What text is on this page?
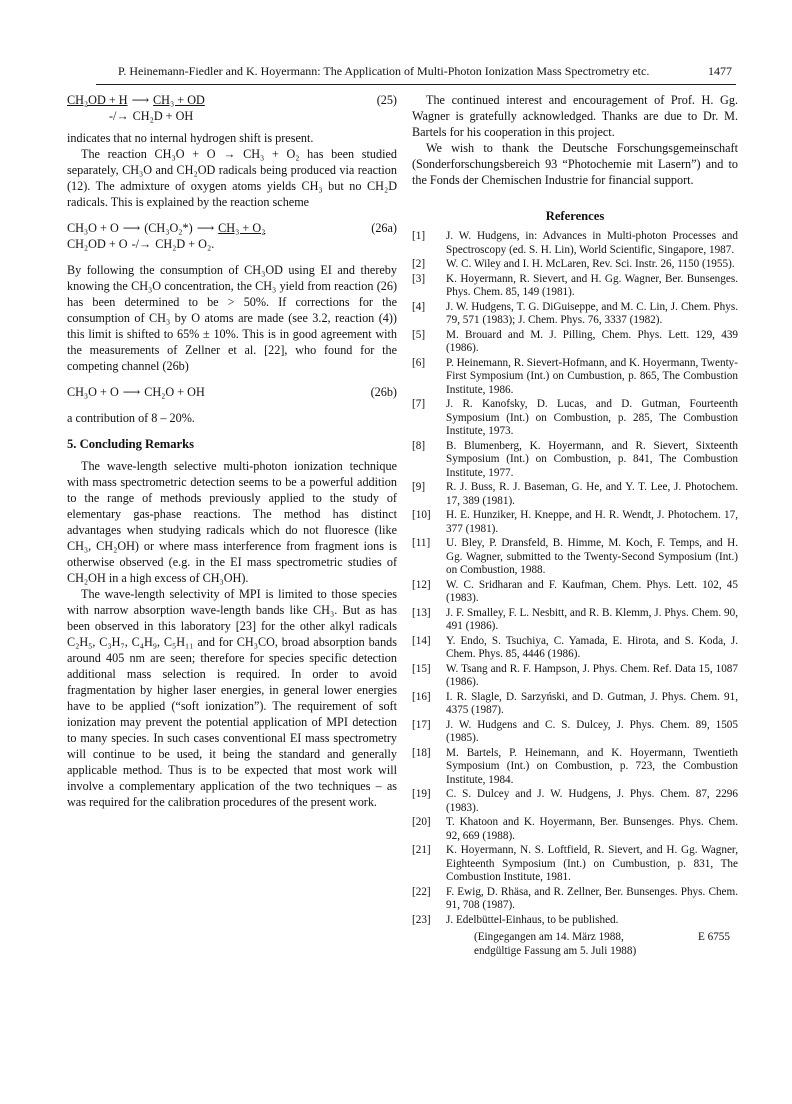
P. Heinemann-Fiedler and K. Hoyermann: The Application of Multi-Photon Ionization Mass Spectrometry etc.	1477
CH₂OD + H ⟶ CH₃ + OD	(25)
-/→ CH₂D + OH

indicates that no internal hydrogen shift is present.

The reaction CH₃O + O → CH₃ + O₂ has been studied separately, CH₃O and CH₂OD radicals being produced via reaction (12). The admixture of oxygen atoms yields CH₃ but no CH₂D radicals. This is explained by the reaction scheme

CH₃O + O ⟶ (CH₃O₂*) ⟶ CH₃ + O₂	(26a)
CH₂OD + O -/→ CH₂D + O₂.

By following the consumption of CH₃OD using EI and thereby knowing the CH₃O concentration, the CH₃ yield from reaction (26) has been determined to be > 50%. If corrections for the consumption of CH₃ by O atoms are made (see 3.2, reaction (4)) this limit is shifted to 65% ± 10%. This is in good agreement with the measurements of Zellner et al. [22], who found for the competing channel (26b)

CH₃O + O ⟶ CH₂O + OH	(26b)

a contribution of 8 – 20%.

5. Concluding Remarks

The wave-length selective multi-photon ionization technique with mass spectrometric detection seems to be a powerful addition to the range of methods previously applied to the study of elementary gas-phase reactions. The method has distinct advantages when studying radicals which do not fluoresce (like CH₃, CH₂OH) or where mass interference from fragment ions is otherwise observed (e.g. in the EI mass spectrometric studies of CH₂OH in a high excess of CH₃OH).

The wave-length selectivity of MPI is limited to those species with narrow absorption wave-length bands like CH₃. But as has been observed in this laboratory [23] for the other alkyl radicals C₂H₅, C₃H₇, C₄H₉, C₅H₁₁ and for CH₃CO, broad absorption bands around 405 nm are seen; therefore for species specific detection additional mass selection is required. In order to avoid fragmentation by higher laser energies, in general lower energies have to be applied (“soft ionization”). The requirement of soft ionization may prevent the potential application of MPI detection to many species. In such cases conventional EI mass spectrometry will continue to be used, it being the standard and generally applicable method. Thus is to be expected that most work will involve a complementary application of the two techniques – as was required for the calibration procedures of the present work.

The continued interest and encouragement of Prof. H. Gg. Wagner is gratefully acknowledged. Thanks are due to Dr. M. Bartels for his cooperation in this project.

We wish to thank the Deutsche Forschungsgemeinschaft (Sonderforschungsbereich 93 “Photochemie mit Lasern”) and to the Fonds der Chemischen Industrie for financial support.

References
[1]	J. W. Hudgens, in: Advances in Multi-photon Processes and Spectroscopy (ed. S. H. Lin), World Scientific, Singapore, 1987.
[2]	W. C. Wiley and I. H. McLaren, Rev. Sci. Instr. 26, 1150 (1955).
[3]	K. Hoyermann, R. Sievert, and H. Gg. Wagner, Ber. Bunsenges. Phys. Chem. 85, 149 (1981).
[4]	J. W. Hudgens, T. G. DiGuiseppe, and M. C. Lin, J. Chem. Phys. 79, 571 (1983); J. Chem. Phys. 76, 3337 (1982).
[5]	M. Brouard and M. J. Pilling, Chem. Phys. Lett. 129, 439 (1986).
[6]	P. Heinemann, R. Sievert-Hofmann, and K. Hoyermann, Twenty-First Symposium (Int.) on Cumbustion, p. 865, The Combustion Institute, 1986.
[7]	J. R. Kanofsky, D. Lucas, and D. Gutman, Fourteenth Symposium (Int.) on Combustion, p. 285, The Combustion Institute, 1973.
[8]	B. Blumenberg, K. Hoyermann, and R. Sievert, Sixteenth Symposium (Int.) on Combustion, p. 841, The Combustion Institute, 1977.
[9]	R. J. Buss, R. J. Baseman, G. He, and Y. T. Lee, J. Photochem. 17, 389 (1981).
[10]	H. E. Hunziker, H. Kneppe, and H. R. Wendt, J. Photochem. 17, 377 (1981).
[11]	U. Bley, P. Dransfeld, B. Himme, M. Koch, F. Temps, and H. Gg. Wagner, submitted to the Twenty-Second Symposium (Int.) on Combustion, 1988.
[12]	W. C. Sridharan and F. Kaufman, Chem. Phys. Lett. 102, 45 (1983).
[13]	J. F. Smalley, F. L. Nesbitt, and R. B. Klemm, J. Phys. Chem. 90, 491 (1986).
[14]	Y. Endo, S. Tsuchiya, C. Yamada, E. Hirota, and S. Koda, J. Chem. Phys. 85, 4446 (1986).
[15]	W. Tsang and R. F. Hampson, J. Phys. Chem. Ref. Data 15, 1087 (1986).
[16]	I. R. Slagle, D. Sarzyński, and D. Gutman, J. Phys. Chem. 91, 4375 (1987).
[17]	J. W. Hudgens and C. S. Dulcey, J. Phys. Chem. 89, 1505 (1985).
[18]	M. Bartels, P. Heinemann, and K. Hoyermann, Twentieth Symposium (Int.) on Combustion, p. 723, the Combustion Institute, 1984.
[19]	C. S. Dulcey and J. W. Hudgens, J. Phys. Chem. 87, 2296 (1983).
[20]	T. Khatoon and K. Hoyermann, Ber. Bunsenges. Phys. Chem. 92, 669 (1988).
[21]	K. Hoyermann, N. S. Loftfield, R. Sievert, and H. Gg. Wagner, Eighteenth Symposium (Int.) on Cumbustion, p. 831, The Combustion Institute, 1981.
[22]	F. Ewig, D. Rhäsa, and R. Zellner, Ber. Bunsenges. Phys. Chem. 91, 708 (1987).
[23]	J. Edelbüttel-Einhaus, to be published.
(Eingegangen am 14. März 1988,
endgültige Fassung am 5. Juli 1988)
E 6755
